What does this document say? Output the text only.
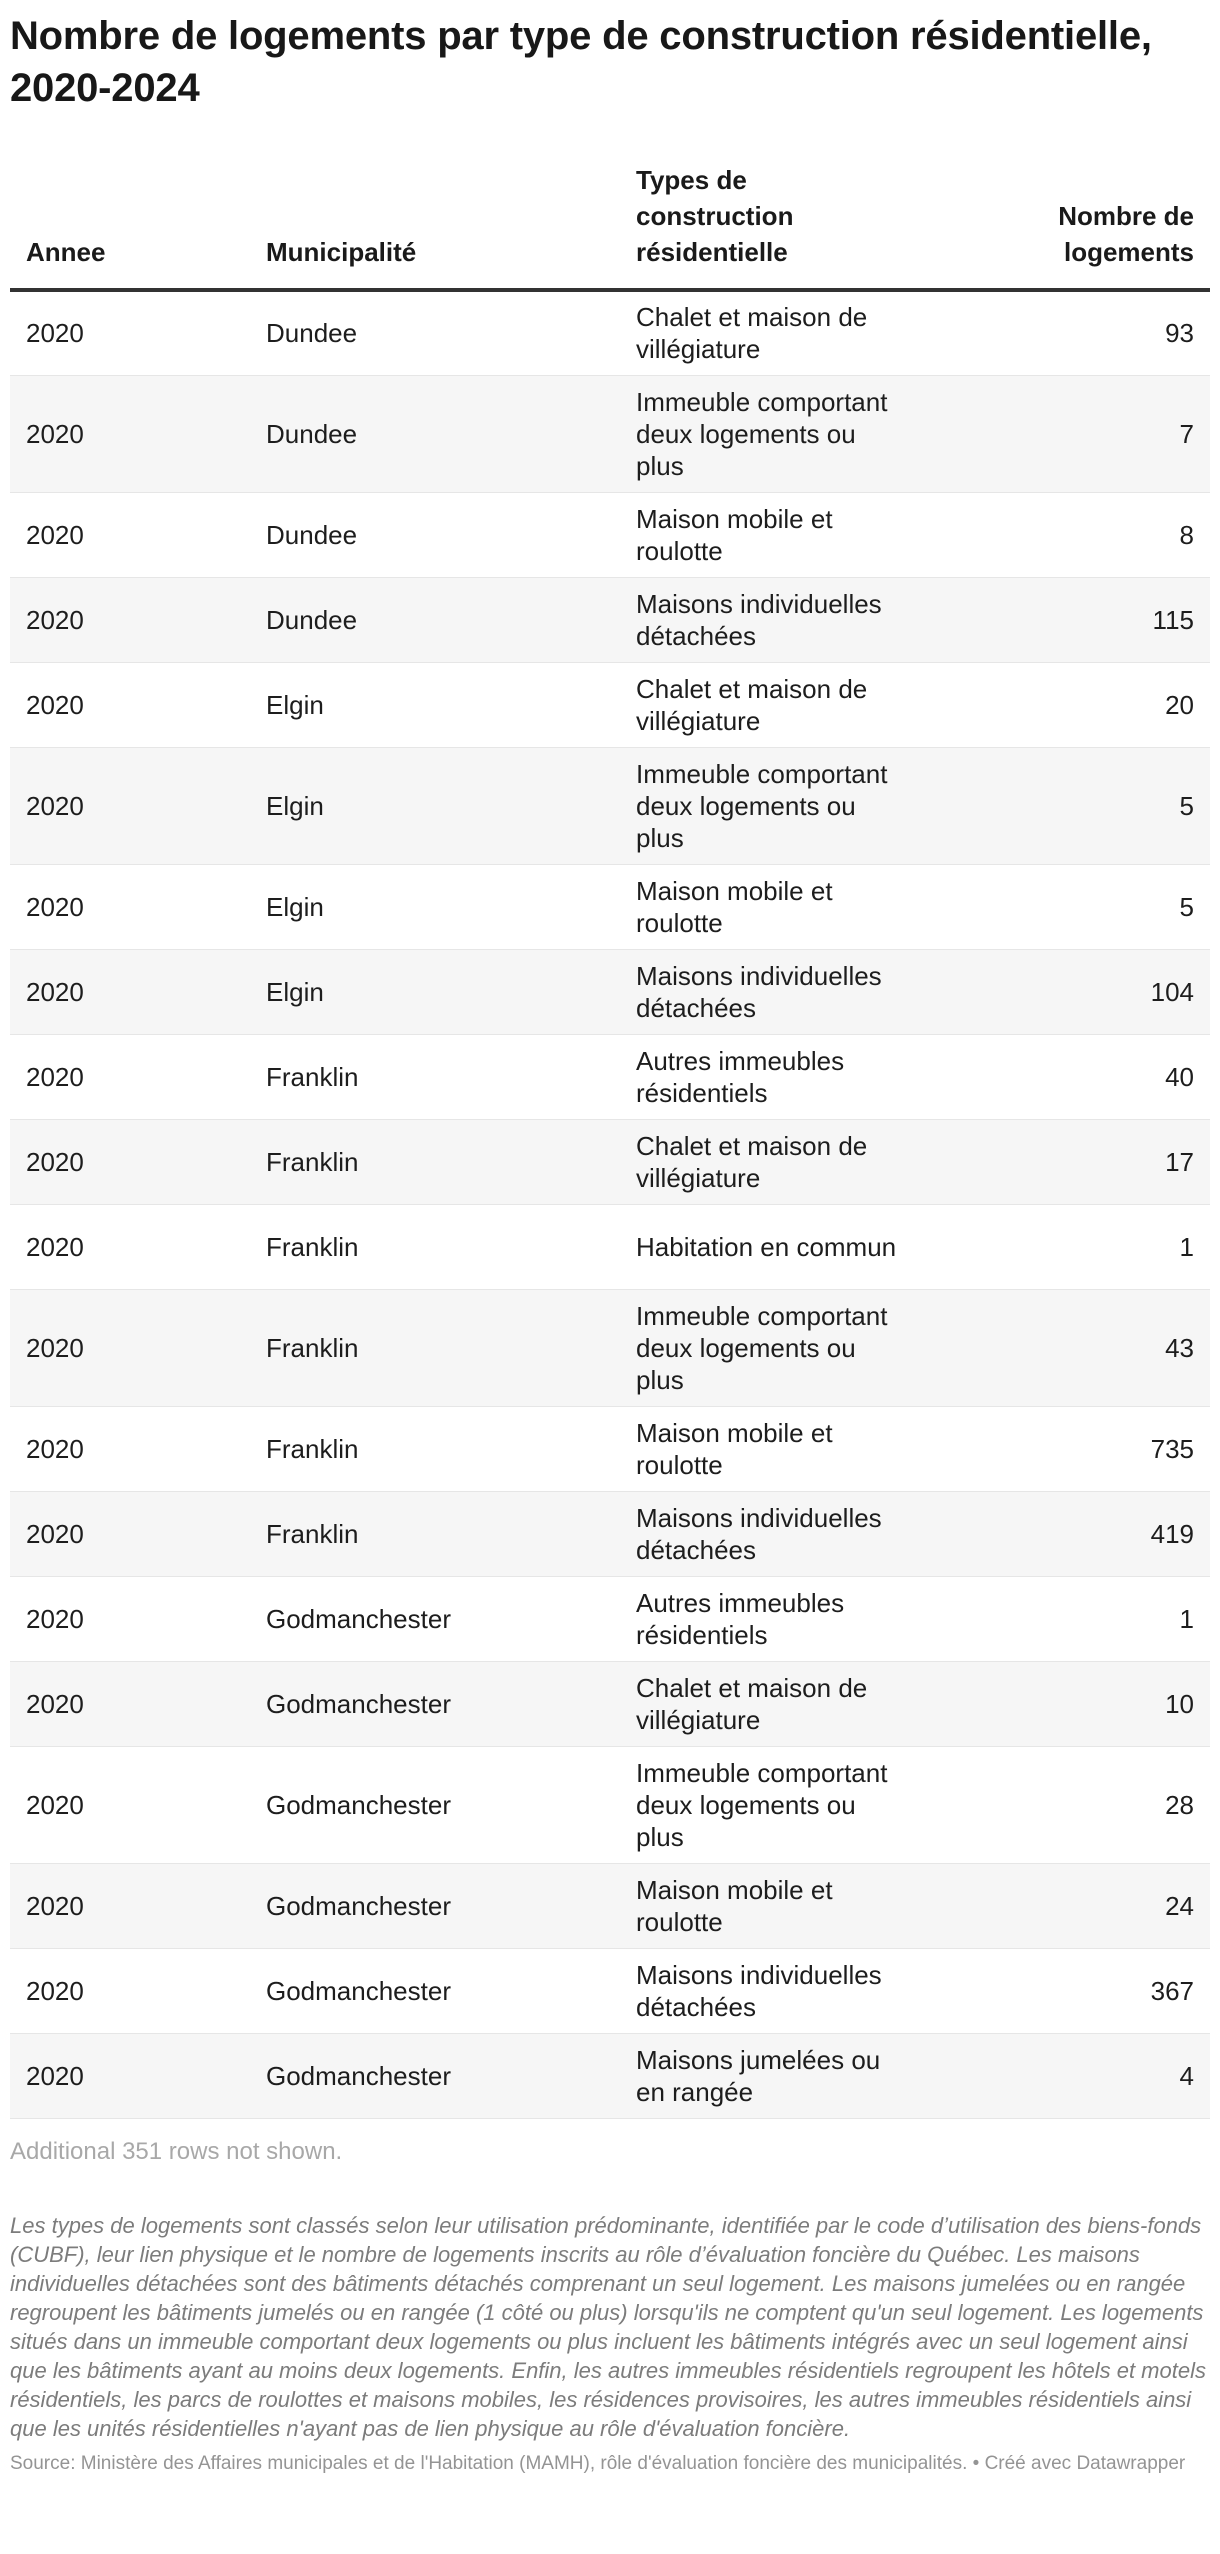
Nombre de logements par type de construction résidentielle, 2020-2024
Annee	Municipalité	Types de construction résidentielle	Nombre de logements
2020	Dundee	Chalet et maison de villégiature	93
2020	Dundee	Immeuble comportant deux logements ou plus	7
2020	Dundee	Maison mobile et roulotte	8
2020	Dundee	Maisons individuelles détachées	115
2020	Elgin	Chalet et maison de villégiature	20
2020	Elgin	Immeuble comportant deux logements ou plus	5
2020	Elgin	Maison mobile et roulotte	5
2020	Elgin	Maisons individuelles détachées	104
2020	Franklin	Autres immeubles résidentiels	40
2020	Franklin	Chalet et maison de villégiature	17
2020	Franklin	Habitation en commun	1
2020	Franklin	Immeuble comportant deux logements ou plus	43
2020	Franklin	Maison mobile et roulotte	735
2020	Franklin	Maisons individuelles détachées	419
2020	Godmanchester	Autres immeubles résidentiels	1
2020	Godmanchester	Chalet et maison de villégiature	10
2020	Godmanchester	Immeuble comportant deux logements ou plus	28
2020	Godmanchester	Maison mobile et roulotte	24
2020	Godmanchester	Maisons individuelles détachées	367
2020	Godmanchester	Maisons jumelées ou en rangée	4
Additional 351 rows not shown.
Les types de logements sont classés selon leur utilisation prédominante, identifiée par le code d’utilisation des biens-fonds (CUBF), leur lien physique et le nombre de logements inscrits au rôle d’évaluation foncière du Québec. Les maisons individuelles détachées sont des bâtiments détachés comprenant un seul logement. Les maisons jumelées ou en rangée regroupent les bâtiments jumelés ou en rangée (1 côté ou plus) lorsqu'ils ne comptent qu'un seul logement. Les logements situés dans un immeuble comportant deux logements ou plus incluent les bâtiments intégrés avec un seul logement ainsi que les bâtiments ayant au moins deux logements. Enfin, les autres immeubles résidentiels regroupent les hôtels et motels résidentiels, les parcs de roulottes et maisons mobiles, les résidences provisoires, les autres immeubles résidentiels ainsi que les unités résidentielles n'ayant pas de lien physique au rôle d'évaluation foncière.
Source: Ministère des Affaires municipales et de l'Habitation (MAMH), rôle d'évaluation foncière des municipalités. • Créé avec Datawrapper
